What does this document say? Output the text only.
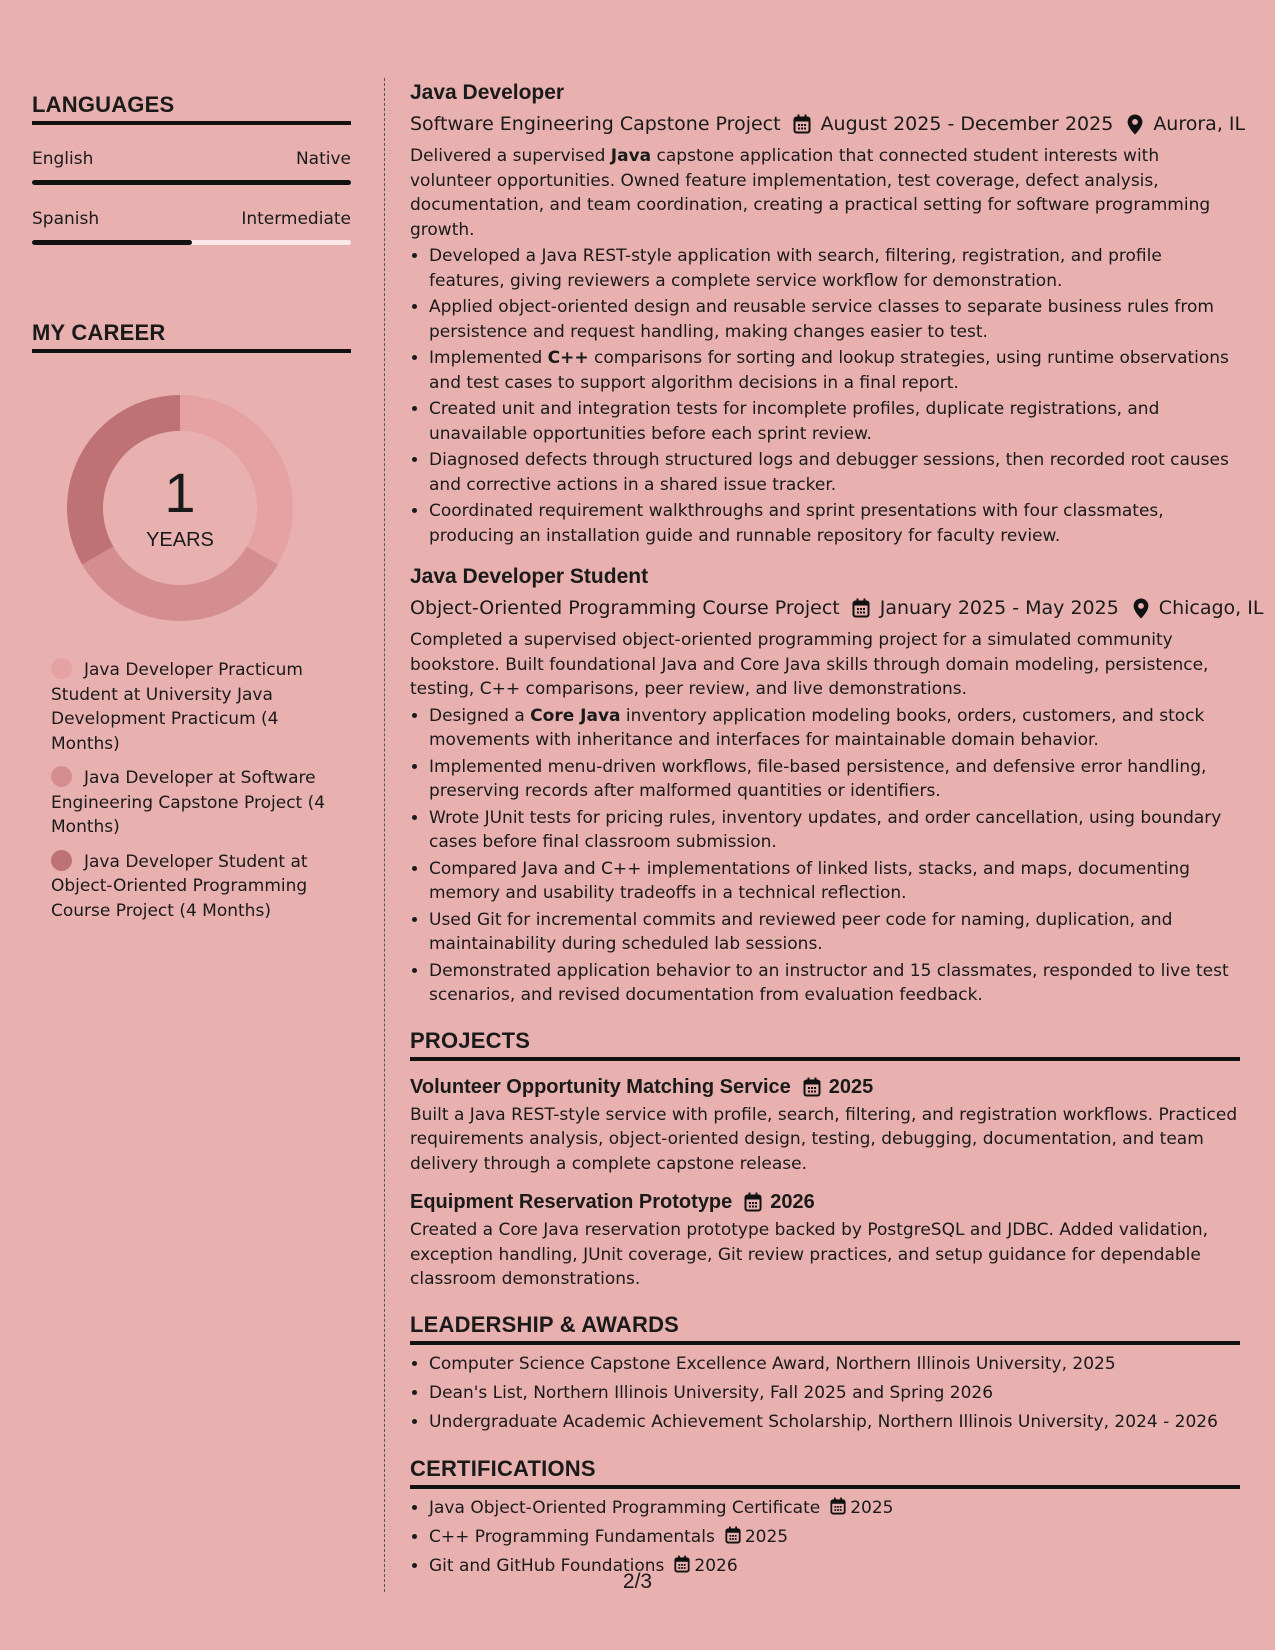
LANGUAGES
English	Native
Spanish	Intermediate
MY CAREER
1
YEARS
Java Developer Practicum Student at University Java Development Practicum (4 Months)
Java Developer at Software Engineering Capstone Project (4 Months)
Java Developer Student at Object-Oriented Programming Course Project (4 Months)
Java Developer
Software Engineering Capstone Project August 2025 - December 2025 Aurora, IL
Delivered a supervised Java capstone application that connected student interests with volunteer opportunities. Owned feature implementation, test coverage, defect analysis, documentation, and team coordination, creating a practical setting for software programming growth.
• Developed a Java REST-style application with search, filtering, registration, and profile features, giving reviewers a complete service workflow for demonstration.
• Applied object-oriented design and reusable service classes to separate business rules from persistence and request handling, making changes easier to test.
• Implemented C++ comparisons for sorting and lookup strategies, using runtime observations and test cases to support algorithm decisions in a final report.
• Created unit and integration tests for incomplete profiles, duplicate registrations, and unavailable opportunities before each sprint review.
• Diagnosed defects through structured logs and debugger sessions, then recorded root causes and corrective actions in a shared issue tracker.
• Coordinated requirement walkthroughs and sprint presentations with four classmates, producing an installation guide and runnable repository for faculty review.
Java Developer Student
Object-Oriented Programming Course Project January 2025 - May 2025 Chicago, IL
Completed a supervised object-oriented programming project for a simulated community bookstore. Built foundational Java and Core Java skills through domain modeling, persistence, testing, C++ comparisons, peer review, and live demonstrations.
• Designed a Core Java inventory application modeling books, orders, customers, and stock movements with inheritance and interfaces for maintainable domain behavior.
• Implemented menu-driven workflows, file-based persistence, and defensive error handling, preserving records after malformed quantities or identifiers.
• Wrote JUnit tests for pricing rules, inventory updates, and order cancellation, using boundary cases before final classroom submission.
• Compared Java and C++ implementations of linked lists, stacks, and maps, documenting memory and usability tradeoffs in a technical reflection.
• Used Git for incremental commits and reviewed peer code for naming, duplication, and maintainability during scheduled lab sessions.
• Demonstrated application behavior to an instructor and 15 classmates, responded to live test scenarios, and revised documentation from evaluation feedback.
PROJECTS
Volunteer Opportunity Matching Service 2025
Built a Java REST-style service with profile, search, filtering, and registration workflows. Practiced requirements analysis, object-oriented design, testing, debugging, documentation, and team delivery through a complete capstone release.
Equipment Reservation Prototype 2026
Created a Core Java reservation prototype backed by PostgreSQL and JDBC. Added validation, exception handling, JUnit coverage, Git review practices, and setup guidance for dependable classroom demonstrations.
LEADERSHIP & AWARDS
• Computer Science Capstone Excellence Award, Northern Illinois University, 2025
• Dean's List, Northern Illinois University, Fall 2025 and Spring 2026
• Undergraduate Academic Achievement Scholarship, Northern Illinois University, 2024 - 2026
CERTIFICATIONS
• Java Object-Oriented Programming Certificate 2025
• C++ Programming Fundamentals 2025
• Git and GitHub Foundations 2026
2/3
